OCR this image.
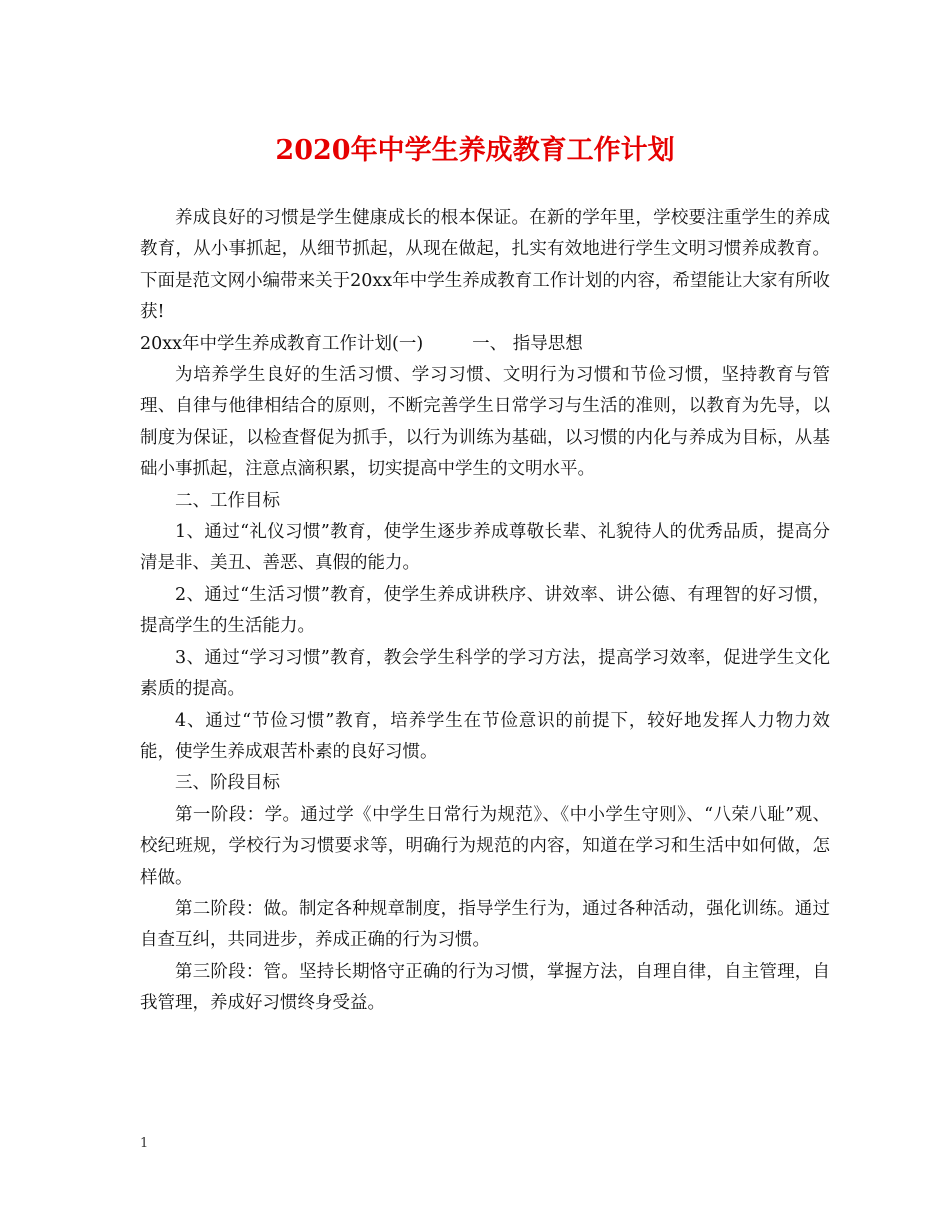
2020年中学生养成教育工作计划

养成良好的习惯是学生健康成长的根本保证。在新的学年里，学校要注重学生的养成教育，从小事抓起，从细节抓起，从现在做起，扎实有效地进行学生文明习惯养成教育。下面是范文网小编带来关于20xx年中学生养成教育工作计划的内容，希望能让大家有所收获!

20xx年中学生养成教育工作计划(一)	一、 指导思想

为培养学生良好的生活习惯、学习习惯、文明行为习惯和节俭习惯，坚持教育与管理、自律与他律相结合的原则，不断完善学生日常学习与生活的准则，以教育为先导，以制度为保证，以检查督促为抓手，以行为训练为基础，以习惯的内化与养成为目标，从基础小事抓起，注意点滴积累，切实提高中学生的文明水平。

二、工作目标

1、通过“礼仪习惯”教育，使学生逐步养成尊敬长辈、礼貌待人的优秀品质，提高分清是非、美丑、善恶、真假的能力。

2、通过“生活习惯”教育，使学生养成讲秩序、讲效率、讲公德、有理智的好习惯，提高学生的生活能力。

3、通过“学习习惯”教育，教会学生科学的学习方法，提高学习效率，促进学生文化素质的提高。

4、通过“节俭习惯”教育，培养学生在节俭意识的前提下，较好地发挥人力物力效能，使学生养成艰苦朴素的良好习惯。

三、阶段目标

第一阶段：学。通过学《中学生日常行为规范》、《中小学生守则》、“八荣八耻”观、校纪班规，学校行为习惯要求等，明确行为规范的内容，知道在学习和生活中如何做，怎样做。

第二阶段：做。制定各种规章制度，指导学生行为，通过各种活动，强化训练。通过自查互纠，共同进步，养成正确的行为习惯。

第三阶段：管。坚持长期恪守正确的行为习惯，掌握方法，自理自律，自主管理，自我管理，养成好习惯终身受益。

1
